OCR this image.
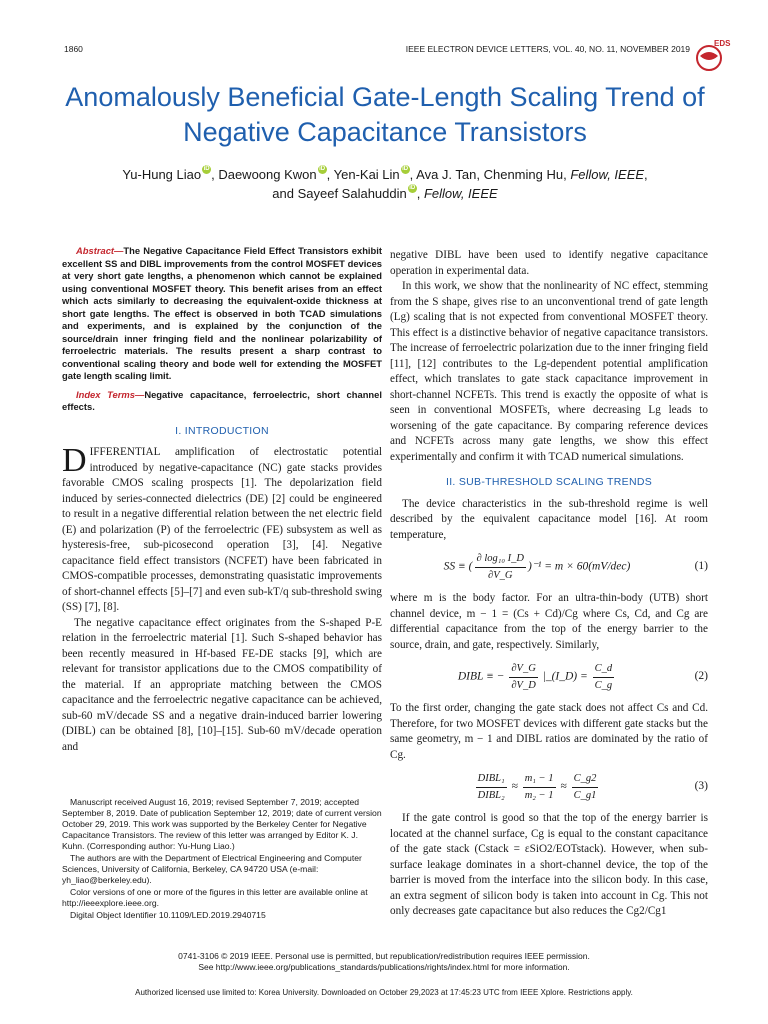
1860	IEEE ELECTRON DEVICE LETTERS, VOL. 40, NO. 11, NOVEMBER 2019
EDS
Anomalously Beneficial Gate-Length Scaling Trend of Negative Capacitance Transistors
Yu-Hung Liao iD , Daewoong Kwon iD , Yen-Kai Lin iD , Ava J. Tan, Chenming Hu, Fellow, IEEE,
and Sayeef Salahuddin iD , Fellow, IEEE

Abstract—The Negative Capacitance Field Effect Transistors exhibit excellent SS and DIBL improvements from the control MOSFET devices at very short gate lengths, a phenomenon which cannot be explained using conventional MOSFET theory. This benefit arises from an effect which acts similarly to decreasing the equivalent-oxide thickness at short gate lengths. The effect is observed in both TCAD simulations and experiments, and is explained by the conjunction of the source/drain inner fringing field and the nonlinear polarizability of ferroelectric materials. The results present a sharp contrast to conventional scaling theory and bode well for extending the MOSFET gate length scaling limit.

Index Terms—Negative capacitance, ferroelectric, short channel effects.

I. INTRODUCTION

DIFFERENTIAL amplification of electrostatic potential introduced by negative-capacitance (NC) gate stacks provides favorable CMOS scaling prospects [1]. The depolarization field induced by series-connected dielectrics (DE) [2] could be engineered to result in a negative differential relation between the net electric field (E) and polarization (P) of the ferroelectric (FE) subsystem as well as hysteresis-free, sub-picosecond operation [3], [4]. Negative capacitance field effect transistors (NCFET) have been fabricated in CMOS-compatible processes, demonstrating quasistatic improvements of short-channel effects [5]–[7] and even sub-kT/q sub-threshold swing (SS) [7], [8].

The negative capacitance effect originates from the S-shaped P-E relation in the ferroelectric material [1]. Such S-shaped behavior has been recently measured in Hf-based FE-DE stacks [9], which are relevant for transistor applications due to the CMOS compatibility of the material. If an appropriate matching between the CMOS capacitance and the ferroelectric negative capacitance can be achieved, sub-60 mV/decade SS and a negative drain-induced barrier lowering (DIBL) can be obtained [8], [10]–[15]. Sub-60 mV/decade operation and

Manuscript received August 16, 2019; revised September 7, 2019; accepted September 8, 2019. Date of publication September 12, 2019; date of current version October 29, 2019. This work was supported by the Berkeley Center for Negative Capacitance Transistors. The review of this letter was arranged by Editor K. J. Kuhn. (Corresponding author: Yu-Hung Liao.)

The authors are with the Department of Electrical Engineering and Computer Sciences, University of California, Berkeley, CA 94720 USA (e-mail: yh_liao@berkeley.edu).

Color versions of one or more of the figures in this letter are available online at http://ieeexplore.ieee.org.

Digital Object Identifier 10.1109/LED.2019.2940715

negative DIBL have been used to identify negative capacitance operation in experimental data.

In this work, we show that the nonlinearity of NC effect, stemming from the S shape, gives rise to an unconventional trend of gate length (Lg) scaling that is not expected from conventional MOSFET theory. This effect is a distinctive behavior of negative capacitance transistors. The increase of ferroelectric polarization due to the inner fringing field [11], [12] contributes to the Lg-dependent potential amplification effect, which translates to gate stack capacitance improvement in short-channel NCFETs. This trend is exactly the opposite of what is seen in conventional MOSFETs, where decreasing Lg leads to worsening of the gate capacitance. By comparing reference devices and NCFETs across many gate lengths, we show this effect experimentally and confirm it with TCAD numerical simulations.

II. SUB-THRESHOLD SCALING TRENDS

The device characteristics in the sub-threshold regime is well described by the equivalent capacitance model [16]. At room temperature,

SS ≡ ( $\frac{\text{∂ log₁₀ I\_D}}{\partial V\_G} )^{-1} = m \times 60(mV/dec)$	(1)

where m is the body factor. For an ultra-thin-body (UTB) short channel device, m − 1 = (Cs + Cd)/Cg where Cs, Cd, and Cg are differential capacitance from the top of the energy barrier to the source, drain, and gate, respectively. Similarly,

DIBL ≡ − $\frac{\partial V\_G}{\partial V\_D}$ |_(I_D) = $\frac{C\_d}{C\_g}$	(2)

To the first order, changing the gate stack does not affect Cs and Cd. Therefore, for two MOSFET devices with different gate stacks but the same geometry, m − 1 and DIBL ratios are dominated by the ratio of Cg.

$\frac{\text{DIBL₁}}{\text{DIBL₂}} \approx \frac{\text{m₁ − 1}}{\text{m₂ − 1}} \approx \frac{C\_g2}{C\_g1}$	(3)

If the gate control is good so that the top of the energy barrier is located at the channel surface, Cg is equal to the constant capacitance of the gate stack (Cstack = εSiO2/EOTstack). However, when sub-surface leakage dominates in a short-channel device, the top of the barrier is moved from the interface into the silicon body. In this case, an extra segment of silicon body is taken into account in Cg. This not only decreases gate capacitance but also reduces the Cg2/Cg1

0741-3106 © 2019 IEEE. Personal use is permitted, but republication/redistribution requires IEEE permission.
See http://www.ieee.org/publications_standards/publications/rights/index.html for more information.
Authorized licensed use limited to: Korea University. Downloaded on October 29,2023 at 17:45:23 UTC from IEEE Xplore. Restrictions apply.
